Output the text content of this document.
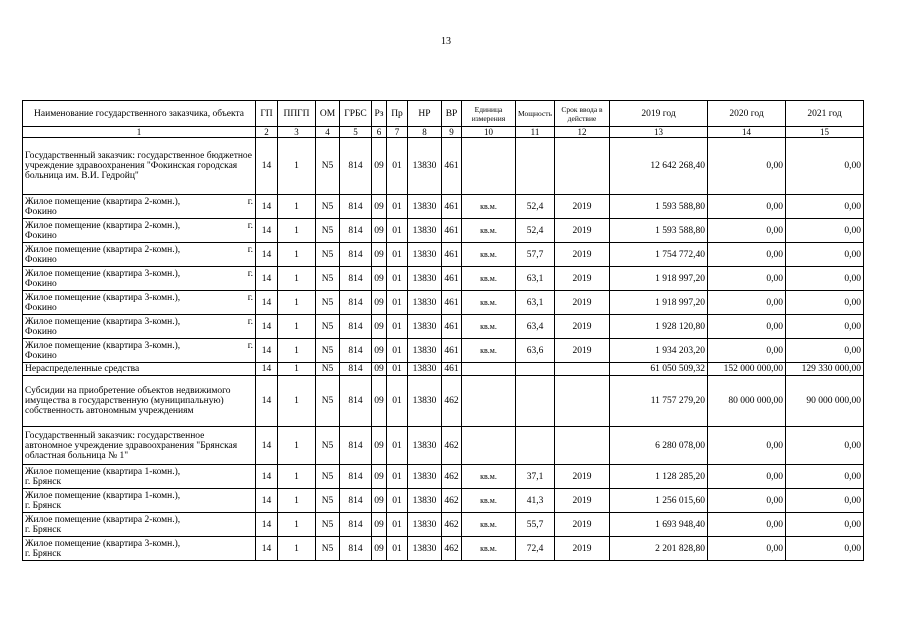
13
Наименование государственного заказчика, объекта	ГП	ППГП	ОМ	ГРБС	Рз	Пр	НР	ВР	Единица измерения	Мощность	Срок ввода в действие	2019 год	2020 год	2021 год
1	2	3	4	5	6	7	8	9	10	11	12	13	14	15
Государственный заказчик: государственное бюджетное учреждение здравоохранения "Фокинская городская больница им. В.И. Гедройц"	14	1	N5	814	09	01	13830	461				12 642 268,40	0,00	0,00

Жилое помещение (квартира 2-комн.), г.
Фокино	14	1	N5	814	09	01	13830	461	кв.м.	52,4	2019	1 593 588,80	0,00	0,00

Жилое помещение (квартира 2-комн.), г.
Фокино	14	1	N5	814	09	01	13830	461	кв.м.	52,4	2019	1 593 588,80	0,00	0,00

Жилое помещение (квартира 2-комн.), г.
Фокино	14	1	N5	814	09	01	13830	461	кв.м.	57,7	2019	1 754 772,40	0,00	0,00

Жилое помещение (квартира 3-комн.), г.
Фокино	14	1	N5	814	09	01	13830	461	кв.м.	63,1	2019	1 918 997,20	0,00	0,00

Жилое помещение (квартира 3-комн.), г.
Фокино	14	1	N5	814	09	01	13830	461	кв.м.	63,1	2019	1 918 997,20	0,00	0,00

Жилое помещение (квартира 3-комн.), г.
Фокино	14	1	N5	814	09	01	13830	461	кв.м.	63,4	2019	1 928 120,80	0,00	0,00

Жилое помещение (квартира 3-комн.), г.
Фокино	14	1	N5	814	09	01	13830	461	кв.м.	63,6	2019	1 934 203,20	0,00	0,00
Нераспределенные средства	14	1	N5	814	09	01	13830	461				61 050 509,32	152 000 000,00	129 330 000,00
Субсидии на приобретение объектов недвижимого имущества в государственную (муниципальную) собственность автономным учреждениям	14	1	N5	814	09	01	13830	462				11 757 279,20	80 000 000,00	90 000 000,00
Государственный заказчик: государственное автономное учреждение здравоохранения "Брянская областная больница № 1"	14	1	N5	814	09	01	13830	462				6 280 078,00	0,00	0,00

Жилое помещение (квартира 1-комн.),
г. Брянск	14	1	N5	814	09	01	13830	462	кв.м.	37,1	2019	1 128 285,20	0,00	0,00

Жилое помещение (квартира 1-комн.),
г. Брянск	14	1	N5	814	09	01	13830	462	кв.м.	41,3	2019	1 256 015,60	0,00	0,00

Жилое помещение (квартира 2-комн.),
г. Брянск	14	1	N5	814	09	01	13830	462	кв.м.	55,7	2019	1 693 948,40	0,00	0,00

Жилое помещение (квартира 3-комн.),
г. Брянск	14	1	N5	814	09	01	13830	462	кв.м.	72,4	2019	2 201 828,80	0,00	0,00
